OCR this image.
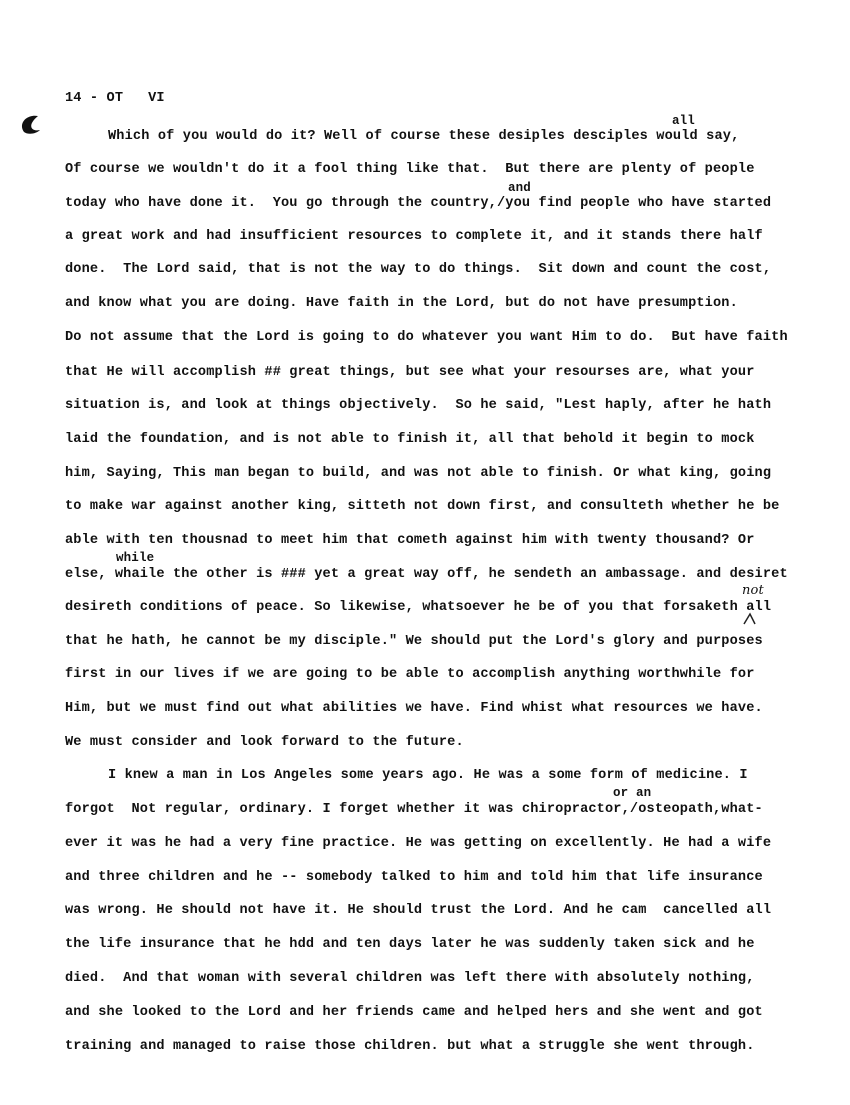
14 - OT   VI
all
and
while
not
or an
Which of you would do it? Well of course these desiples desciples would say,
Of course we wouldn't do it a fool thing like that.  But there are plenty of people
today who have done it.  You go through the country,/you find people who have started
a great work and had insufficient resources to complete it, and it stands there half
done.  The Lord said, that is not the way to do things.  Sit down and count the cost,
and know what you are doing. Have faith in the Lord, but do not have presumption.
Do not assume that the Lord is going to do whatever you want Him to do.  But have faith
that He will accomplish ## great things, but see what your resourses are, what your
situation is, and look at things objectively.  So he said, "Lest haply, after he hath
laid the foundation, and is not able to finish it, all that behold it begin to mock
him, Saying, This man began to build, and was not able to finish. Or what king, going
to make war against another king, sitteth not down first, and consulteth whether he be
able with ten thousnad to meet him that cometh against him with twenty thousand? Or
else, whaile the other is ### yet a great way off, he sendeth an ambassage. and desiret
desireth conditions of peace. So likewise, whatsoever he be of you that forsaketh all
that he hath, he cannot be my disciple." We should put the Lord's glory and purposes
first in our lives if we are going to be able to accomplish anything worthwhile for
Him, but we must find out what abilities we have. Find whist what resources we have.
We must consider and look forward to the future.
I knew a man in Los Angeles some years ago. He was a some form of medicine. I
forgot  Not regular, ordinary. I forget whether it was chiropractor,/osteopath,what-
ever it was he had a very fine practice. He was getting on excellently. He had a wife
and three children and he -- somebody talked to him and told him that life insurance
was wrong. He should not have it. He should trust the Lord. And he cam  cancelled all
the life insurance that he hdd and ten days later he was suddenly taken sick and he
died.  And that woman with several children was left there with absolutely nothing,
and she looked to the Lord and her friends came and helped hers and she went and got
training and managed to raise those children. but what a struggle she went through.
